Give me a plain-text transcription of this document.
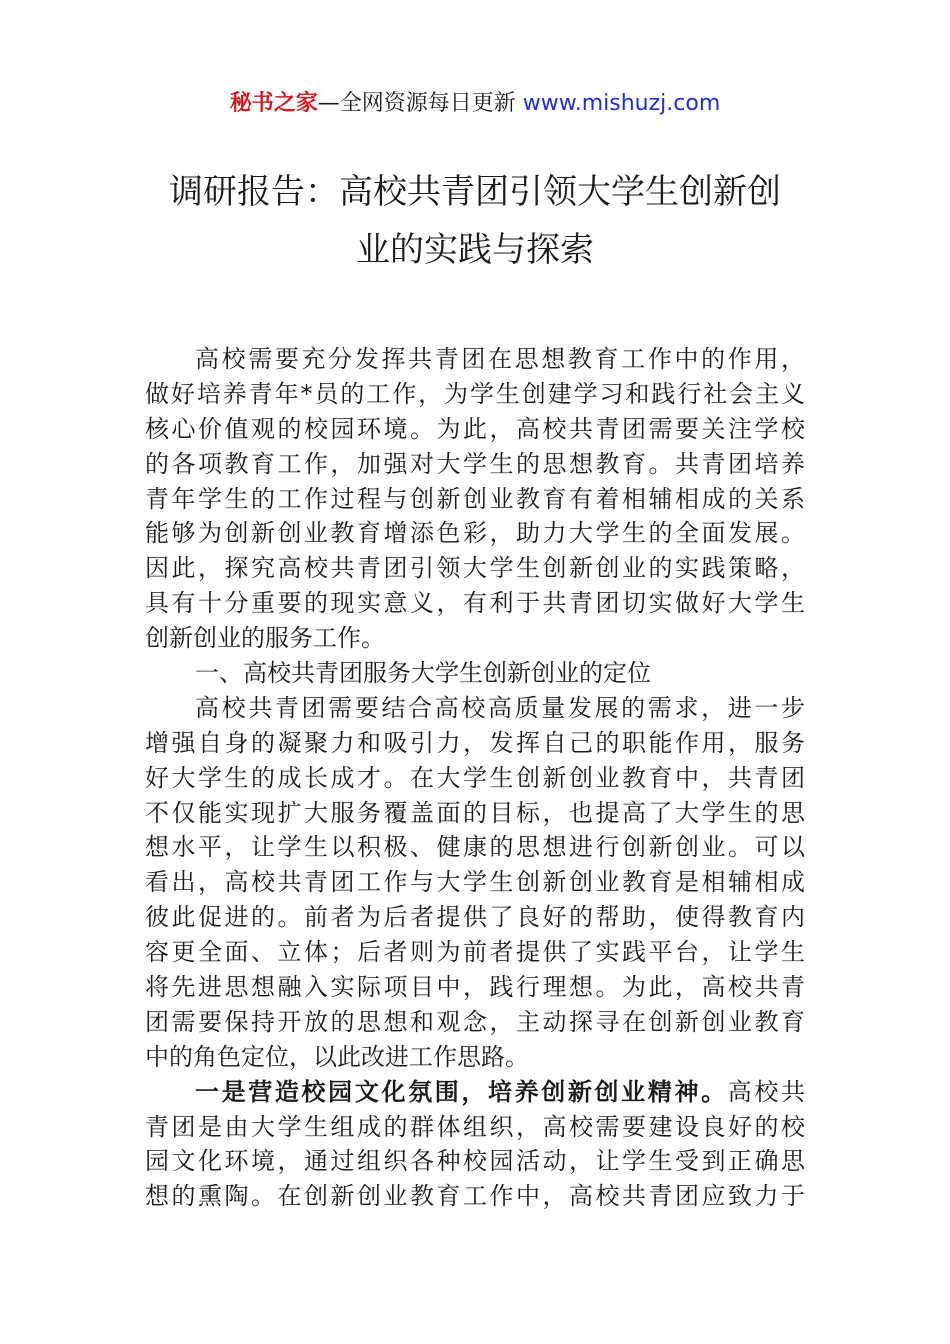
秘书之家—全网资源每日更新 www.mishuzj.com
调研报告：高校共青团引领大学生创新创
业的实践与探索
高校需要充分发挥共青团在思想教育工作中的作用，
做好培养青年*员的工作，为学生创建学习和践行社会主义
核心价值观的校园环境。为此，高校共青团需要关注学校
的各项教育工作，加强对大学生的思想教育。共青团培养
青年学生的工作过程与创新创业教育有着相辅相成的关系
能够为创新创业教育增添色彩，助力大学生的全面发展。
因此，探究高校共青团引领大学生创新创业的实践策略，
具有十分重要的现实意义，有利于共青团切实做好大学生
创新创业的服务工作。
一、高校共青团服务大学生创新创业的定位
高校共青团需要结合高校高质量发展的需求，进一步
增强自身的凝聚力和吸引力，发挥自己的职能作用，服务
好大学生的成长成才。在大学生创新创业教育中，共青团
不仅能实现扩大服务覆盖面的目标，也提高了大学生的思
想水平，让学生以积极、健康的思想进行创新创业。可以
看出，高校共青团工作与大学生创新创业教育是相辅相成
彼此促进的。前者为后者提供了良好的帮助，使得教育内
容更全面、立体；后者则为前者提供了实践平台，让学生
将先进思想融入实际项目中，践行理想。为此，高校共青
团需要保持开放的思想和观念，主动探寻在创新创业教育
中的角色定位，以此改进工作思路。
一是营造校园文化氛围，培养创新创业精神。高校共
青团是由大学生组成的群体组织，高校需要建设良好的校
园文化环境，通过组织各种校园活动，让学生受到正确思
想的熏陶。在创新创业教育工作中，高校共青团应致力于
